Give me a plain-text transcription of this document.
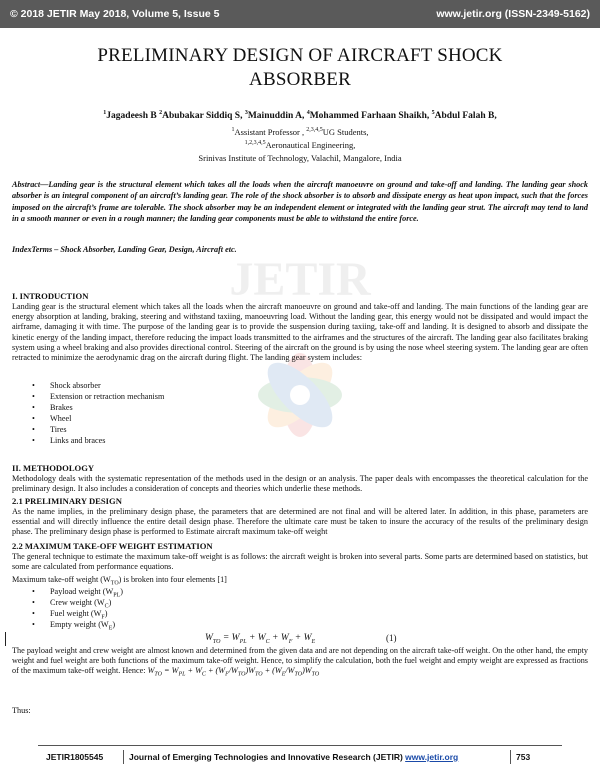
© 2018 JETIR May 2018, Volume 5, Issue 5	www.jetir.org (ISSN-2349-5162)
JETIR
PRELIMINARY DESIGN OF AIRCRAFT SHOCK
ABSORBER
$^1$Jagadeesh B $^2$Abubakar Siddiq S, $^3$Mainuddin A, $^4$Mohammed Farhaan Shaikh, $^5$Abdul Falah B,
$^1$Assistant Professor , $^{2,3,4,5}$UG Students,
$^{1,2,3,4,5}$Aeronautical Engineering,
Srinivas Institute of Technology, Valachil, Mangalore, India
Abstract—Landing gear is the structural element which takes all the loads when the aircraft manoeuvre on ground and take-off and landing. The landing gear shock absorber is an integral component of an aircraft’s landing gear. The role of the shock absorber is to absorb and dissipate energy as heat upon impact, such that the forces imposed on the aircraft’s frame are tolerable. The shock absorber may be an independent element or integrated with the landing gear strut. The aircraft may tend to land in a smooth manner or even in a rough manner; the landing gear components must be able to withstand the entire force.
IndexTerms – Shock Absorber, Landing Gear, Design, Aircraft etc.
I. INTRODUCTION
Landing gear is the structural element which takes all the loads when the aircraft manoeuvre on ground and take-off and landing. The main functions of the landing gear are energy absorption at landing, braking, steering and withstand taxiing, manoeuvring load. Without the landing gear, this energy would not be dissipated and would impact the airframe, damaging it with time. The purpose of the landing gear is to provide the suspension during taxiing, take-off and landing. It is designed to absorb and dissipate the kinetic energy of the landing impact, therefore reducing the impact loads transmitted to the airframes and the structures of the aircraft. The landing gear also facilitates braking system using a wheel braking and also provides directional control. Steering of the aircraft on the ground is by using the nose wheel steering system. The landing gear are often retracted to minimize the aerodynamic drag on the aircraft during flight. The landing gear system includes:
• Shock absorber
• Extension or retraction mechanism
• Brakes
• Wheel
• Tires
• Links and braces
II. METHODOLOGY
Methodology deals with the systematic representation of the methods used in the design or an analysis. The paper deals with encompasses the theoretical calculation for the preliminary design. It also includes a consideration of concepts and theories which underlie these methods.
2.1 PRELIMINARY DESIGN
As the name implies, in the preliminary design phase, the parameters that are determined are not final and will be altered later. In addition, in this phase, parameters are essential and will directly influence the entire detail design phase. Therefore the ultimate care must be taken to insure the accuracy of the results of the preliminary design phase. The preliminary design phase is performed to Estimate aircraft maximum take-off weight
2.2 MAXIMUM TAKE-OFF WEIGHT ESTIMATION
The general technique to estimate the maximum take-off weight is as follows: the aircraft weight is broken into several parts. Some parts are determined based on statistics, but some are calculated from performance equations.
Maximum take-off weight $(W_{TO})$ is broken into four elements [1]
• Payload weight $(W_{PL})$
• Crew weight $(W_C)$
• Fuel weight $(W_F)$
• Empty weight $(W_E)$
$W_{TO} = W_{PL} + W_C + W_F + W_E$	(1)
The payload weight and crew weight are almost known and determined from the given data and are not depending on the aircraft take-off weight. On the other hand, the empty weight and fuel weight are both functions of the maximum take-off weight. Hence, to simplify the calculation, both the fuel weight and empty weight are expressed as fractions of the maximum take-off weight. Hence: $W_{TO} = W_{PL} + W_C + (W_F/W_{TO})W_{TO} + (W_E/W_{TO})W_{TO}$
Thus:
JETIR1805545	Journal of Emerging Technologies and Innovative Research (JETIR) www.jetir.org	753
